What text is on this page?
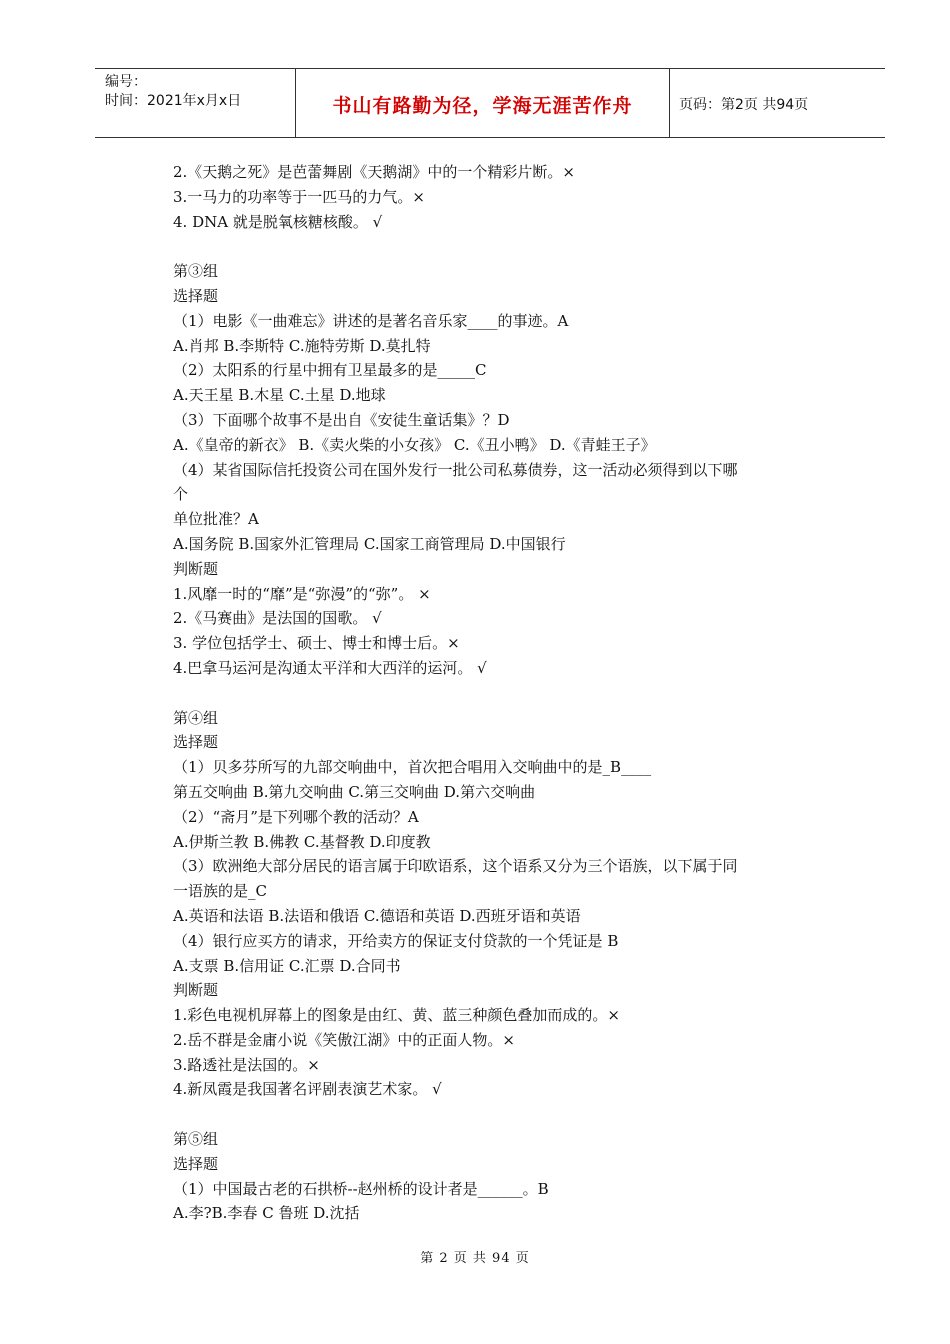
编号：
时间：2021年x月x日	书山有路勤为径，学海无涯苦作舟	页码：第2页 共94页
2.《天鹅之死》是芭蕾舞剧《天鹅湖》中的一个精彩片断。×
3.一马力的功率等于一匹马的力气。×
4. DNA 就是脱氧核糖核酸。 √
第③组
选择题
（1）电影《一曲难忘》讲述的是著名音乐家____的事迹。A
A.肖邦 B.李斯特 C.施特劳斯 D.莫扎特
（2）太阳系的行星中拥有卫星最多的是_____C
A.天王星 B.木星 C.土星 D.地球
（3）下面哪个故事不是出自《安徒生童话集》？D
A.《皇帝的新衣》 B.《卖火柴的小女孩》 C.《丑小鸭》 D.《青蛙王子》
（4）某省国际信托投资公司在国外发行一批公司私募债券，这一活动必须得到以下哪
个
单位批准？A
A.国务院 B.国家外汇管理局 C.国家工商管理局 D.中国银行
判断题
1.风靡一时的“靡”是“弥漫”的“弥”。 ×
2.《马赛曲》是法国的国歌。 √
3. 学位包括学士、硕士、博士和博士后。×
4.巴拿马运河是沟通太平洋和大西洋的运河。 √
第④组
选择题
（1）贝多芬所写的九部交响曲中，首次把合唱用入交响曲中的是_B____
第五交响曲 B.第九交响曲 C.第三交响曲 D.第六交响曲
（2）“斋月”是下列哪个教的活动？A
A.伊斯兰教 B.佛教 C.基督教 D.印度教
（3）欧洲绝大部分居民的语言属于印欧语系，这个语系又分为三个语族，以下属于同
一语族的是_C
A.英语和法语 B.法语和俄语 C.德语和英语 D.西班牙语和英语
（4）银行应买方的请求，开给卖方的保证支付贷款的一个凭证是 B
A.支票 B.信用证 C.汇票 D.合同书
判断题
1.彩色电视机屏幕上的图象是由红、黄、蓝三种颜色叠加而成的。×
2.岳不群是金庸小说《笑傲江湖》中的正面人物。×
3.路透社是法国的。×
4.新凤霞是我国著名评剧表演艺术家。 √
第⑤组
选择题
（1）中国最古老的石拱桥--赵州桥的设计者是______。B
A.李?B.李春 C 鲁班 D.沈括
第 2 页 共 94 页
